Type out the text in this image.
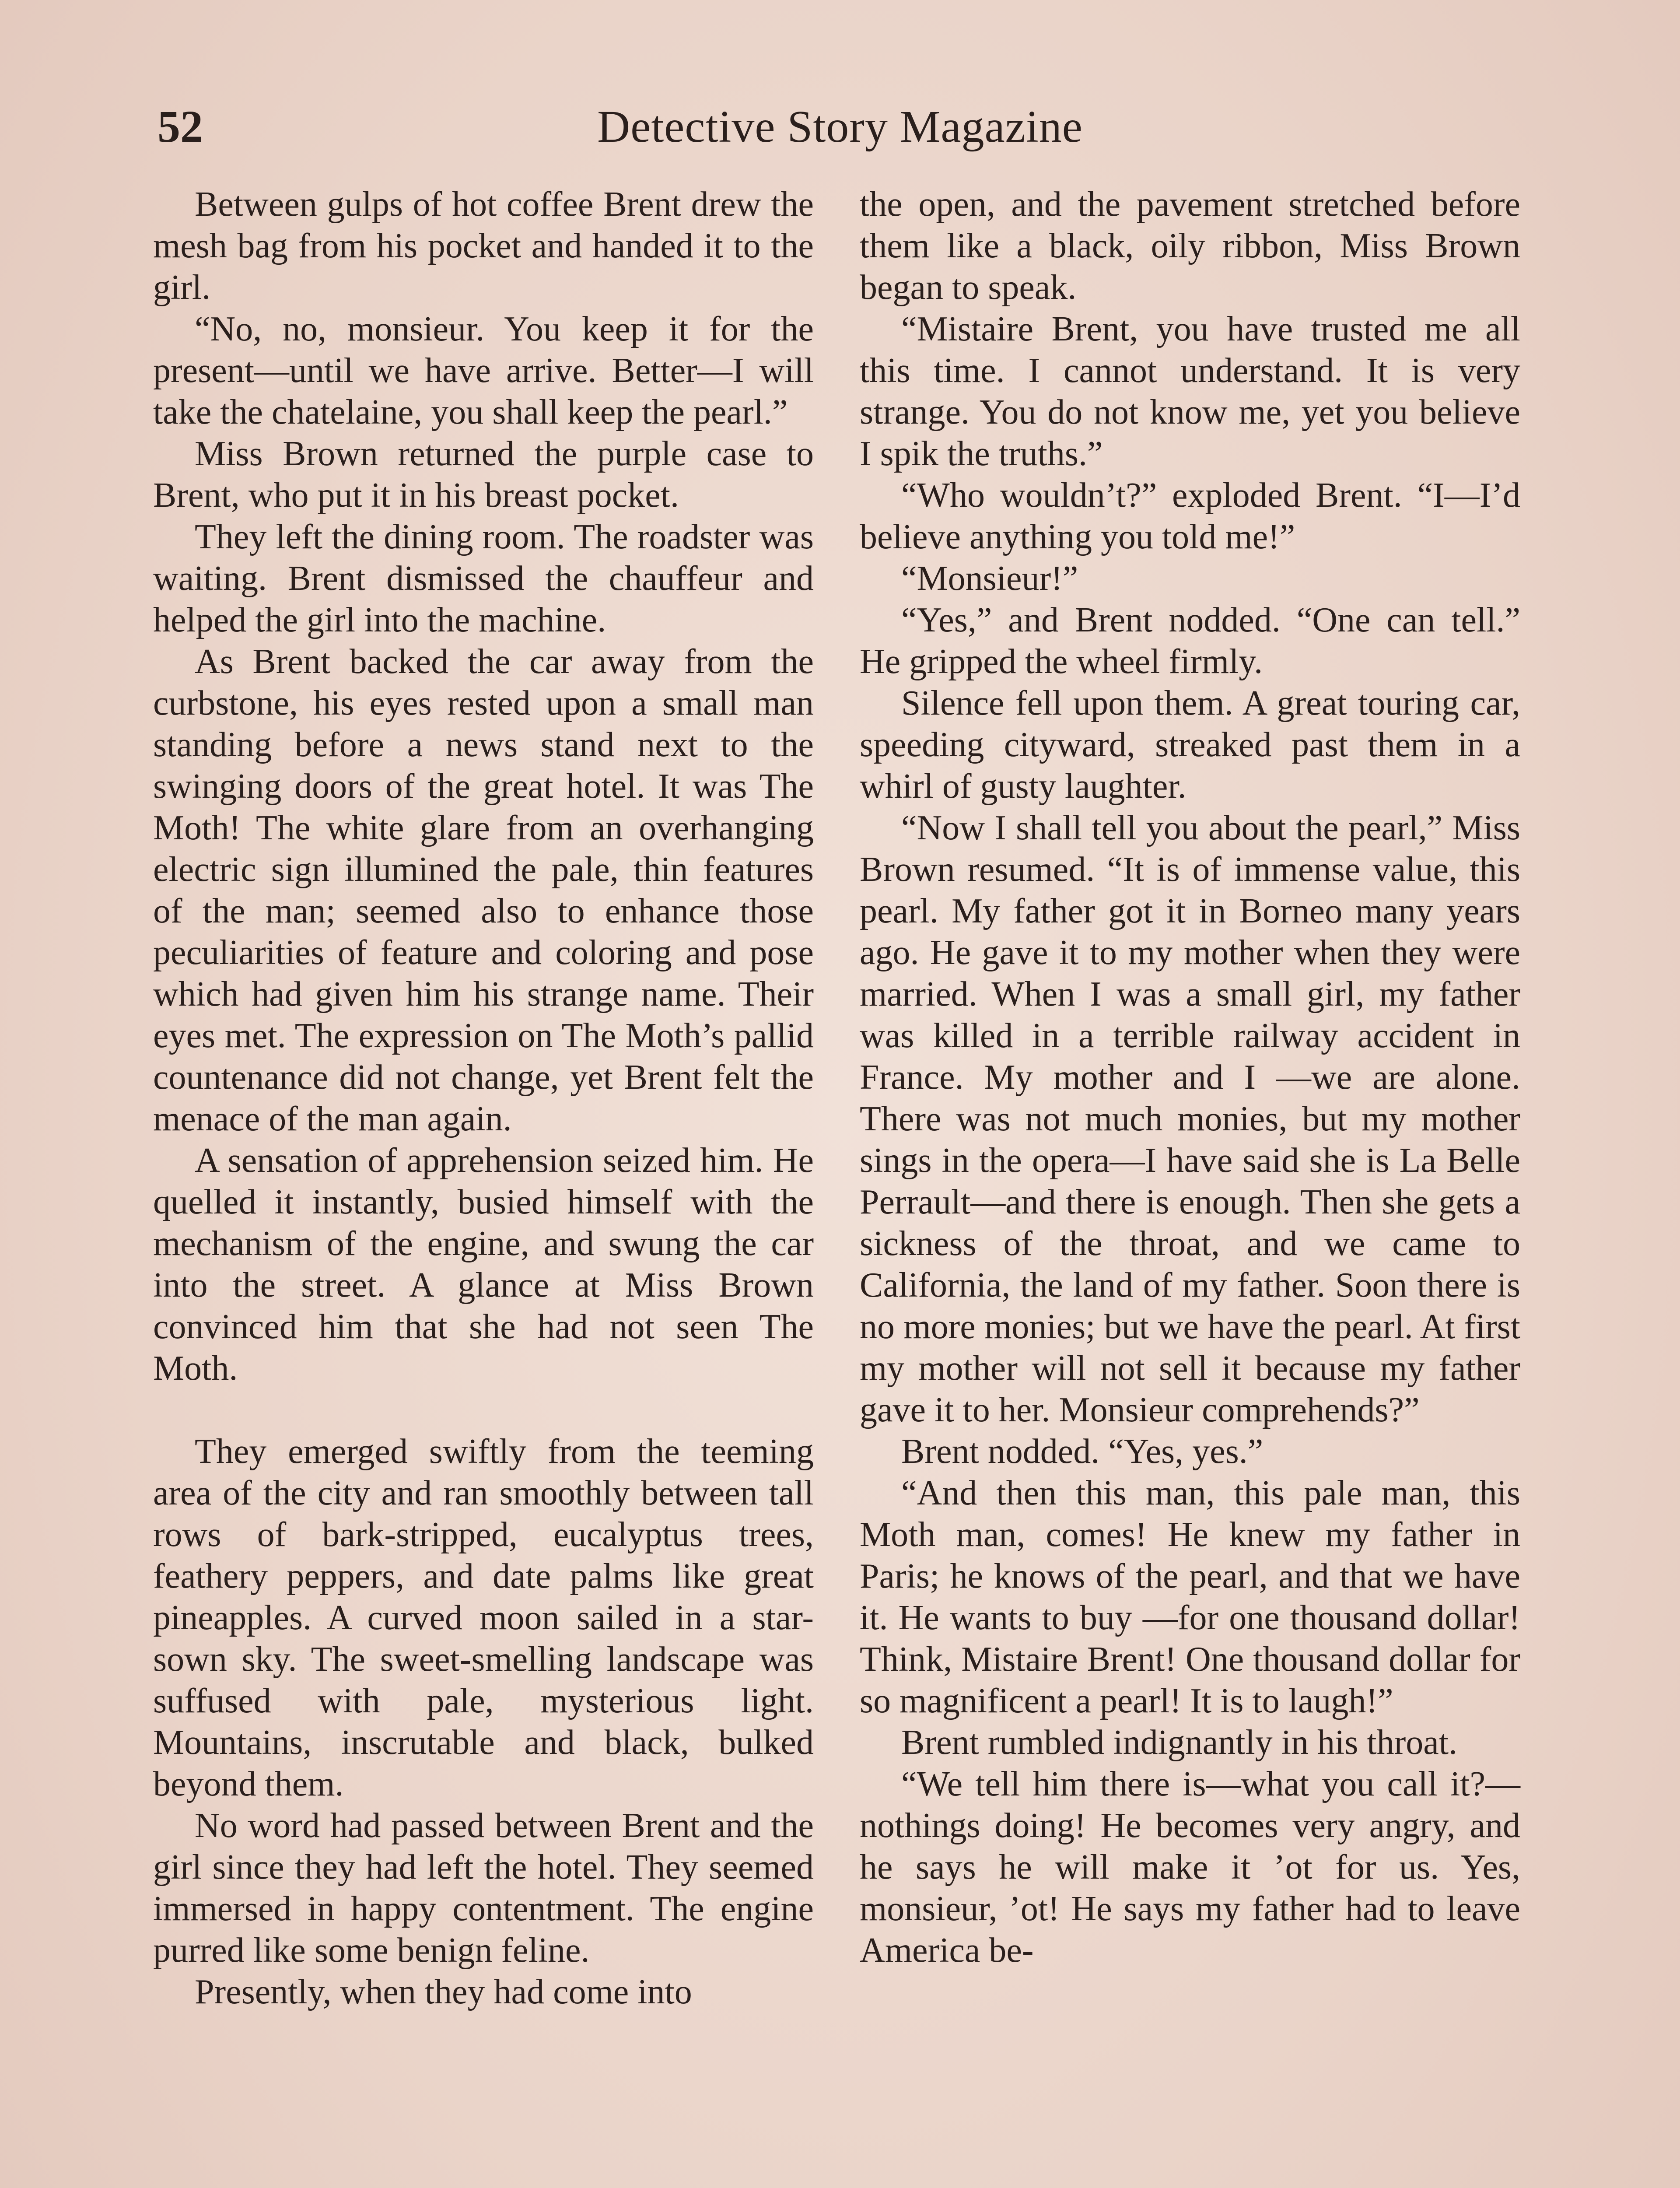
52	Detective Story Magazine

Between gulps of hot coffee Brent drew the mesh bag from his pocket and handed it to the girl.

“No, no, monsieur. You keep it for the present—until we have arrive. Better—I will take the chatelaine, you shall keep the pearl.”

Miss Brown returned the purple case to Brent, who put it in his breast pocket.

They left the dining room. The roadster was waiting. Brent dismissed the chauffeur and helped the girl into the machine.

As Brent backed the car away from the curbstone, his eyes rested upon a small man standing before a news stand next to the swinging doors of the great hotel. It was The Moth! The white glare from an overhanging electric sign illumined the pale, thin features of the man; seemed also to enhance those peculiarities of feature and coloring and pose which had given him his strange name. Their eyes met. The expression on The Moth’s pallid countenance did not change, yet Brent felt the menace of the man again.

A sensation of apprehension seized him. He quelled it instantly, busied himself with the mechanism of the engine, and swung the car into the street. A glance at Miss Brown convinced him that she had not seen The Moth.

They emerged swiftly from the teeming area of the city and ran smoothly between tall rows of bark-stripped, eucalyptus trees, feathery peppers, and date palms like great pineapples. A curved moon sailed in a star-sown sky. The sweet-smelling landscape was suffused with pale, mysterious light. Mountains, inscrutable and black, bulked beyond them.

No word had passed between Brent and the girl since they had left the hotel. They seemed immersed in happy contentment. The engine purred like some benign feline.

Presently, when they had come into

the open, and the pavement stretched before them like a black, oily ribbon, Miss Brown began to speak.

“Mistaire Brent, you have trusted me all this time. I cannot understand. It is very strange. You do not know me, yet you believe I spik the truths.”

“Who wouldn’t?” exploded Brent. “I—I’d believe anything you told me!”

“Monsieur!”

“Yes,” and Brent nodded. “One can tell.” He gripped the wheel firmly.

Silence fell upon them. A great touring car, speeding cityward, streaked past them in a whirl of gusty laughter.

“Now I shall tell you about the pearl,” Miss Brown resumed. “It is of immense value, this pearl. My father got it in Borneo many years ago. He gave it to my mother when they were married. When I was a small girl, my father was killed in a terrible railway accident in France. My mother and I —we are alone. There was not much monies, but my mother sings in the opera—I have said she is La Belle Perrault—and there is enough. Then she gets a sickness of the throat, and we came to California, the land of my father. Soon there is no more monies; but we have the pearl. At first my mother will not sell it because my father gave it to her. Monsieur comprehends?”

Brent nodded. “Yes, yes.”

“And then this man, this pale man, this Moth man, comes! He knew my father in Paris; he knows of the pearl, and that we have it. He wants to buy —for one thousand dollar! Think, Mistaire Brent! One thousand dollar for so magnificent a pearl! It is to laugh!”

Brent rumbled indignantly in his throat.

“We tell him there is—what you call it?—nothings doing! He becomes very angry, and he says he will make it ’ot for us. Yes, monsieur, ’ot! He says my father had to leave America be-
